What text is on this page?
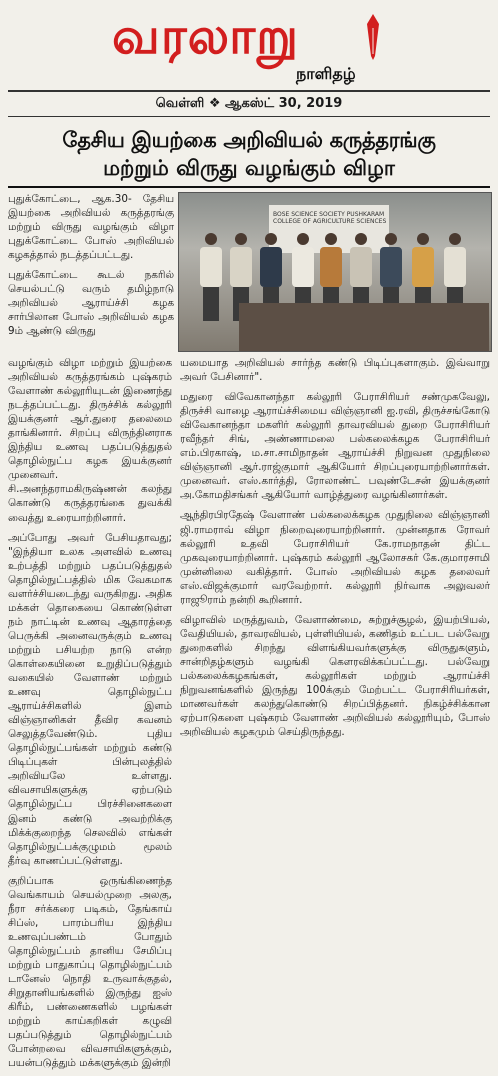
வரலாறு
நாளிதழ்
வெள்ளி ❖ ஆகஸ்ட் 30, 2019
தேசிய இயற்கை அறிவியல் கருத்தரங்கு
மற்றும் விருது வழங்கும் விழா
BOSE SCIENCE SOCIETY PUSHKARAM COLLEGE OF AGRICULTURE SCIENCES

புதுக்கோட்டை, ஆக.30- தேசிய இயற்கை அறிவியல் கருத்தரங்கு மற்றும் விருது வழங்கும் விழா புதுக்கோட்டை போஸ் அறிவியல் கழகத்தால் நடத்தப்பட்டது.

புதுக்கோட்டை கூடல் நகரில் செயல்பட்டு வரும் தமிழ்நாடு அறிவியல் ஆராய்ச்சி கழக சார்பிலான போஸ் அறிவியல் கழக 9ம் ஆண்டு விருது

வழங்கும் விழா மற்றும் இயற்கை அறிவியல் கருத்தரங்கம் புஷ்கரம் வேளாண் கல்லூரியுடன் இணைந்து நடத்தப்பட்டது. திருச்சிக் கல்லூரி இயக்குனர் ஆர்.துரை தலைமை தாங்கினார். சிறப்பு விருந்தினராக இந்திய உணவு பதப்படுத்துதல் தொழில்நுட்ப கழக இயக்குனர் முனைவர். சி.அனந்தராமகிருஷ்ணன் கலந்து கொண்டு கருத்தரங்கை துவக்கி வைத்து உரையாற்றினார்.

அப்போது அவர் பேசியதாவது; "இந்தியா உலக அளவில் உணவு உற்பத்தி மற்றும் பதப்படுத்துதல் தொழில்நுட்பத்தில் மிக வேகமாக வளர்ச்சியடைந்து வருகிறது. அதிக மக்கள் தொகையை கொண்டுள்ள நம் நாட்டின் உணவு ஆதாரத்தை பெருக்கி அனைவருக்கும் உணவு மற்றும் பசியற்ற நாடு என்ற கொள்கையினை உறுதிப்படுத்தும் வகையில் வேளாண் மற்றும் உணவு தொழில்நுட்ப ஆராய்ச்சிகளில் இளம் விஞ்ஞானிகள் தீவிர கவனம் செலுத்தவேண்டும். புதிய தொழில்நுட்பங்கள் மற்றும் கண்டு பிடிப்புகள் பின்புலத்தில் அறிவியலே உள்ளது. விவசாயிகளுக்கு ஏற்படும் தொழில்நுட்ப பிரச்சினைகளை இனம் கண்டு அவற்றிக்கு மிக்க்குறைந்த செலவில் எங்கள் தொழில்நுட்பக்குழுமம் மூலம் தீர்வு காணப்பட்டுள்ளது.

குறிப்பாக ஒருங்கிணைந்த வெங்காயம் செயல்முறை அலகு, நீரா சர்க்கரை படிகம், தேங்காய் சிப்ஸ், பாரம்பரிய இந்திய உணவுப்பண்டம் போதும் தொழில்நுட்பம் தானிய சேமிப்பு மற்றும் பாதுகாப்பு தொழில்நுட்பம் டானேஸ் நொதி உருவாக்குதல், சிறுதானியங்களில் இருந்து ஐஸ் கிரீம், பண்ணைகளில் பழங்கள் மற்றும் காய்கறிகள் கழுவி பதப்படுத்தும் தொழில்நுட்பம் போன்றவை விவசாயிகளுக்கும், பயன்படுத்தும் மக்களுக்கும் இன்றி

யமையாத அறிவியல் சார்ந்த கண்டு பிடிப்புகளாகும். இவ்வாறு அவர் பேசினார்".

மதுரை விவேகானந்தா கல்லூரி பேராசிரியர் சண்முகவேலு, திருச்சி வாழை ஆராய்ச்சிமைய விஞ்ஞானி ஐ.ரவி, திருச்சங்கோடு விவேகானந்தா மகளிர் கல்லூரி தாவரவியல் துறை பேராசிரியர் ரவீந்தர் சிங், அண்ணாமலை பல்கலைக்கழக பேராசிரியர் எம்.பிரகாஷ், ம.சா.சாமிநாதன் ஆராய்ச்சி நிறுவன முதுநிலை விஞ்ஞானி ஆர்.ராஜ்குமார் ஆகியோர் சிறப்புரையாற்றினார்கள். முனைவர். எஸ்.கார்த்தி, ரோலாண்ட் பவுண்டேசன் இயக்குனர் அ.கோமதிசங்கர் ஆகியோர் வாழ்த்துரை வழங்கினார்கள்.

ஆந்திரபிரதேஷ் வேளாண் பல்கலைக்கழக முதுநிலை விஞ்ஞானி ஜி.ராமராவ் விழா நிறைவுரையாற்றினார். முன்னதாக ரோவர் கல்லூரி உதவி பேராசிரியர் கே.ராமநாதன் திட்ட முகவுரையாற்றினார். புஷ்கரம் கல்லூரி ஆலோசகர் கே.குமாரசாமி முன்னிலை வகித்தார். போஸ் அறிவியல் கழக தலைவர் எஸ்.விஜக்குமார் வரவேற்றார். கல்லூரி நிர்வாக அலுவலர் ராஜூராம் நன்றி கூறினார்.

விழாவில் மருத்துவம், வேளாண்மை, சுற்றுச்சூழல், இயற்பியல், வேதியியல், தாவரவியல், புள்ளியியல், கணிதம் உட்பட பல்வேறு துறைகளில் சிறந்து விளங்கியவர்களுக்கு விருதுகளும், சான்றிதழ்களும் வழங்கி கௌரவிக்கப்பட்டது. பல்வேறு பல்கலைக்கழகங்கள், கல்லூரிகள் மற்றும் ஆராய்ச்சி நிறுவனங்களில் இருந்து 100க்கும் மேற்பட்ட பேராசிரியர்கள், மாணவர்கள் கலந்துகொண்டு சிறப்பித்தனர். நிகழ்ச்சிக்கான ஏற்பாடுகளை புஷ்கரம் வேளாண் அறிவியல் கல்லூரியும், போஸ் அறிவியல் கழகமும் செய்திருந்தது.
